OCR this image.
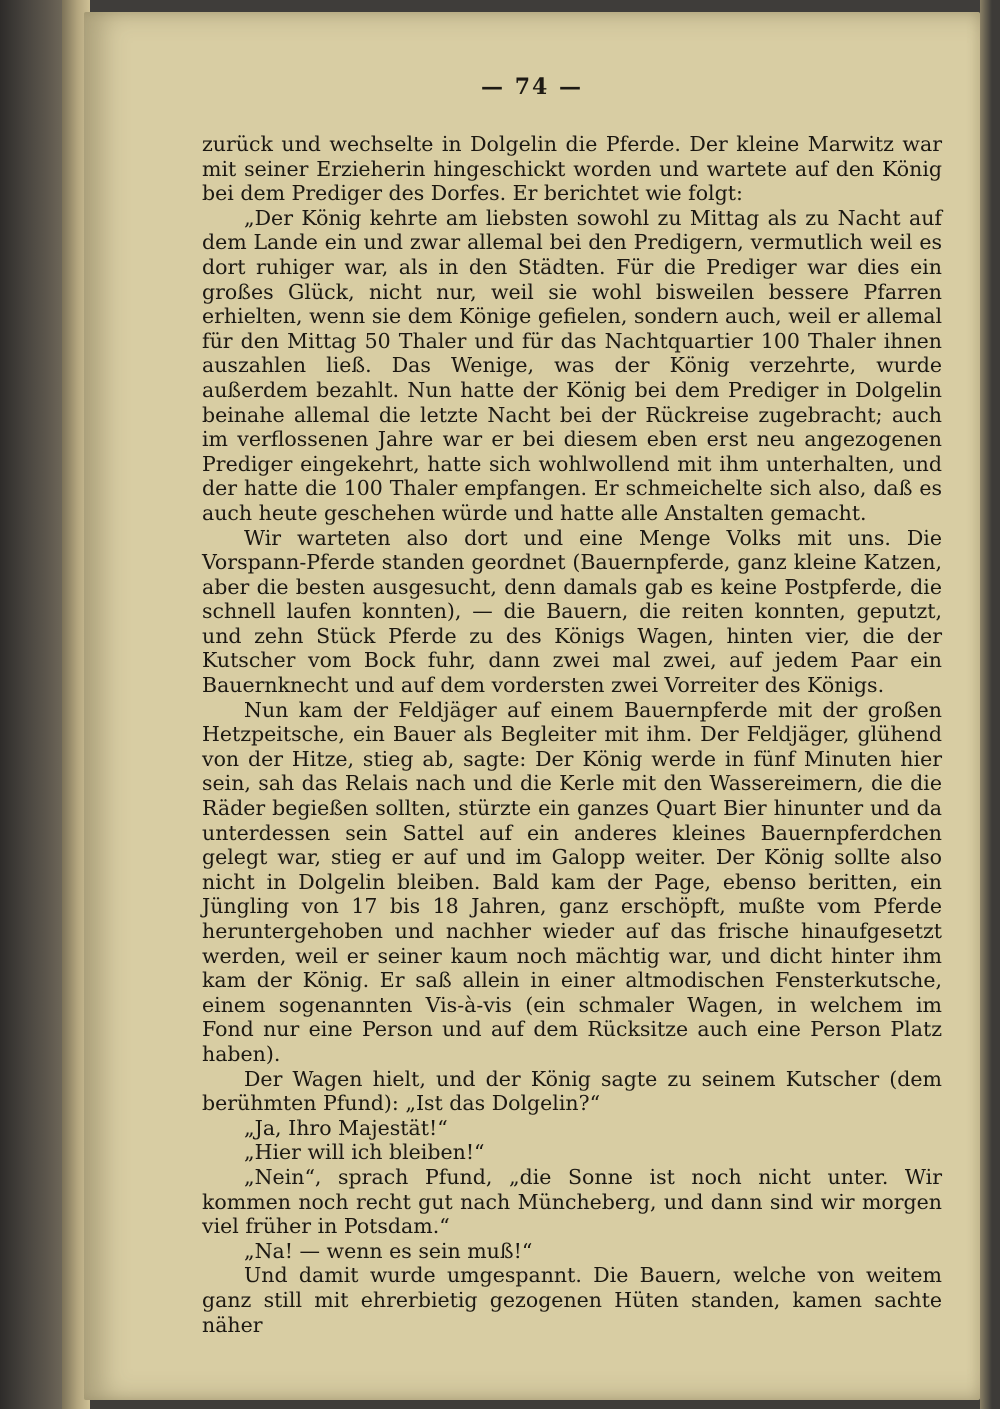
— 74 —

zurück und wechselte in Dolgelin die Pferde. Der kleine Marwitz war mit seiner Erzieherin hingeschickt worden und wartete auf den König bei dem Prediger des Dorfes. Er berichtet wie folgt:

„Der König kehrte am liebsten sowohl zu Mittag als zu Nacht auf dem Lande ein und zwar allemal bei den Predigern, vermutlich weil es dort ruhiger war, als in den Städten. Für die Prediger war dies ein großes Glück, nicht nur, weil sie wohl bisweilen bessere Pfarren erhielten, wenn sie dem Könige gefielen, sondern auch, weil er allemal für den Mittag 50 Thaler und für das Nachtquartier 100 Thaler ihnen auszahlen ließ. Das Wenige, was der König verzehrte, wurde außerdem bezahlt. Nun hatte der König bei dem Prediger in Dolgelin beinahe allemal die letzte Nacht bei der Rückreise zugebracht; auch im verflossenen Jahre war er bei diesem eben erst neu angezogenen Prediger eingekehrt, hatte sich wohlwollend mit ihm unterhalten, und der hatte die 100 Thaler empfangen. Er schmeichelte sich also, daß es auch heute geschehen würde und hatte alle Anstalten gemacht.

Wir warteten also dort und eine Menge Volks mit uns. Die Vorspann-Pferde standen geordnet (Bauernpferde, ganz kleine Katzen, aber die besten ausgesucht, denn damals gab es keine Postpferde, die schnell laufen konnten), — die Bauern, die reiten konnten, geputzt, und zehn Stück Pferde zu des Königs Wagen, hinten vier, die der Kutscher vom Bock fuhr, dann zwei mal zwei, auf jedem Paar ein Bauernknecht und auf dem vordersten zwei Vorreiter des Königs.

Nun kam der Feldjäger auf einem Bauernpferde mit der großen Hetzpeitsche, ein Bauer als Begleiter mit ihm. Der Feldjäger, glühend von der Hitze, stieg ab, sagte: Der König werde in fünf Minuten hier sein, sah das Relais nach und die Kerle mit den Wassereimern, die die Räder begießen sollten, stürzte ein ganzes Quart Bier hinunter und da unterdessen sein Sattel auf ein anderes kleines Bauernpferdchen gelegt war, stieg er auf und im Galopp weiter. Der König sollte also nicht in Dolgelin bleiben. Bald kam der Page, ebenso beritten, ein Jüngling von 17 bis 18 Jahren, ganz erschöpft, mußte vom Pferde heruntergehoben und nachher wieder auf das frische hinaufgesetzt werden, weil er seiner kaum noch mächtig war, und dicht hinter ihm kam der König. Er saß allein in einer altmodischen Fensterkutsche, einem sogenannten Vis-à-vis (ein schmaler Wagen, in welchem im Fond nur eine Person und auf dem Rücksitze auch eine Person Platz haben).

Der Wagen hielt, und der König sagte zu seinem Kutscher (dem berühmten Pfund): „Ist das Dolgelin?“

„Ja, Ihro Majestät!“

„Hier will ich bleiben!“

„Nein“, sprach Pfund, „die Sonne ist noch nicht unter. Wir kommen noch recht gut nach Müncheberg, und dann sind wir morgen viel früher in Potsdam.“

„Na! — wenn es sein muß!“

Und damit wurde umgespannt. Die Bauern, welche von weitem ganz still mit ehrerbietig gezogenen Hüten standen, kamen sachte näher
